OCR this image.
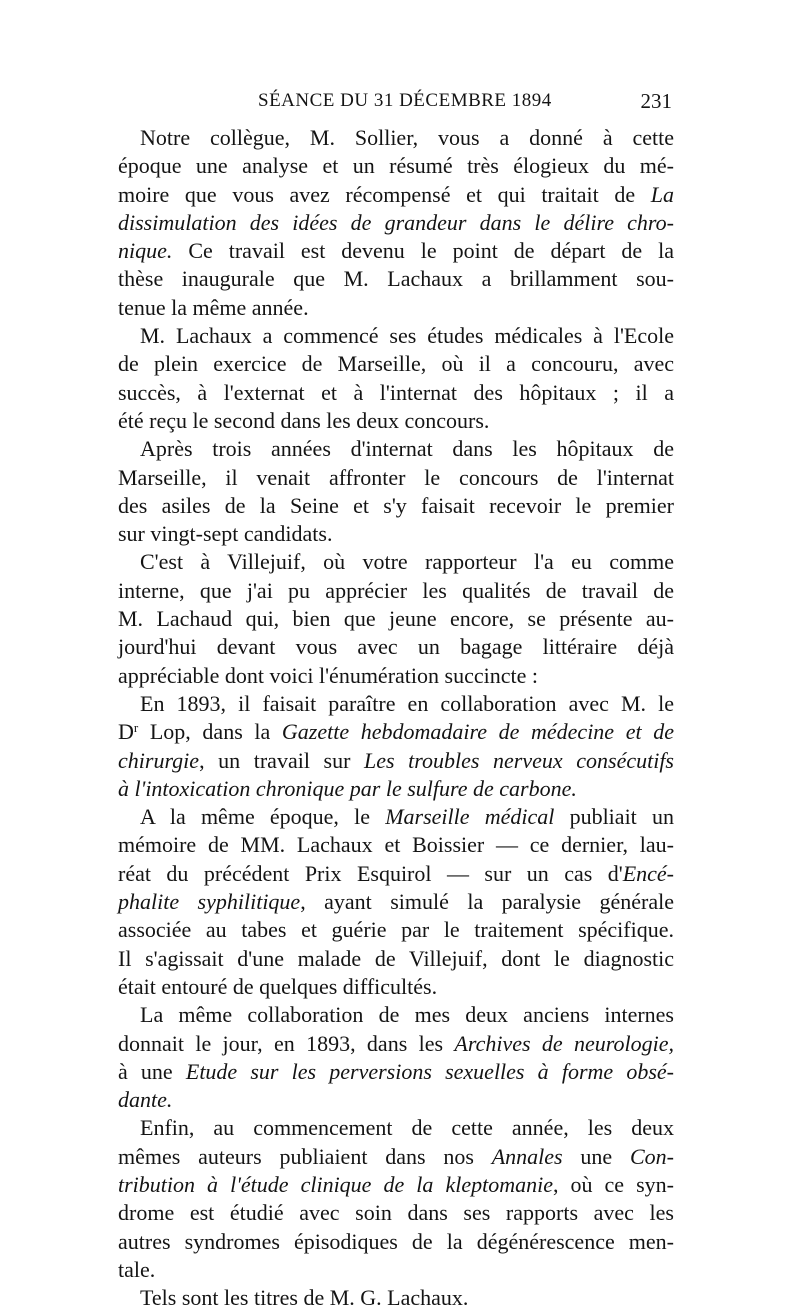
SÉANCE DU 31 DÉCEMBRE 1894	231
Notre collègue, M. Sollier, vous a donné à cette
époque une analyse et un résumé très élogieux du mé-
moire que vous avez récompensé et qui traitait de La
dissimulation des idées de grandeur dans le délire chro-
nique. Ce travail est devenu le point de départ de la
thèse inaugurale que M. Lachaux a brillamment sou-
tenue la même année.
M. Lachaux a commencé ses études médicales à l'Ecole
de plein exercice de Marseille, où il a concouru, avec
succès, à l'externat et à l'internat des hôpitaux ; il a
été reçu le second dans les deux concours.
Après trois années d'internat dans les hôpitaux de
Marseille, il venait affronter le concours de l'internat
des asiles de la Seine et s'y faisait recevoir le premier
sur vingt-sept candidats.
C'est à Villejuif, où votre rapporteur l'a eu comme
interne, que j'ai pu apprécier les qualités de travail de
M. Lachaud qui, bien que jeune encore, se présente au-
jourd'hui devant vous avec un bagage littéraire déjà
appréciable dont voici l'énumération succincte :
En 1893, il faisait paraître en collaboration avec M. le
$D^r$ Lop, dans la Gazette hebdomadaire de médecine et de
chirurgie, un travail sur Les troubles nerveux consécutifs
à l'intoxication chronique par le sulfure de carbone.
A la même époque, le Marseille médical publiait un
mémoire de MM. Lachaux et Boissier — ce dernier, lau-
réat du précédent Prix Esquirol — sur un cas d'Encé-
phalite syphilitique, ayant simulé la paralysie générale
associée au tabes et guérie par le traitement spécifique.
Il s'agissait d'une malade de Villejuif, dont le diagnostic
était entouré de quelques difficultés.
La même collaboration de mes deux anciens internes
donnait le jour, en 1893, dans les Archives de neurologie,
à une Etude sur les perversions sexuelles à forme obsé-
dante.
Enfin, au commencement de cette année, les deux
mêmes auteurs publiaient dans nos Annales une Con-
tribution à l'étude clinique de la kleptomanie, où ce syn-
drome est étudié avec soin dans ses rapports avec les
autres syndromes épisodiques de la dégénérescence men-
tale.
Tels sont les titres de M. G. Lachaux.
